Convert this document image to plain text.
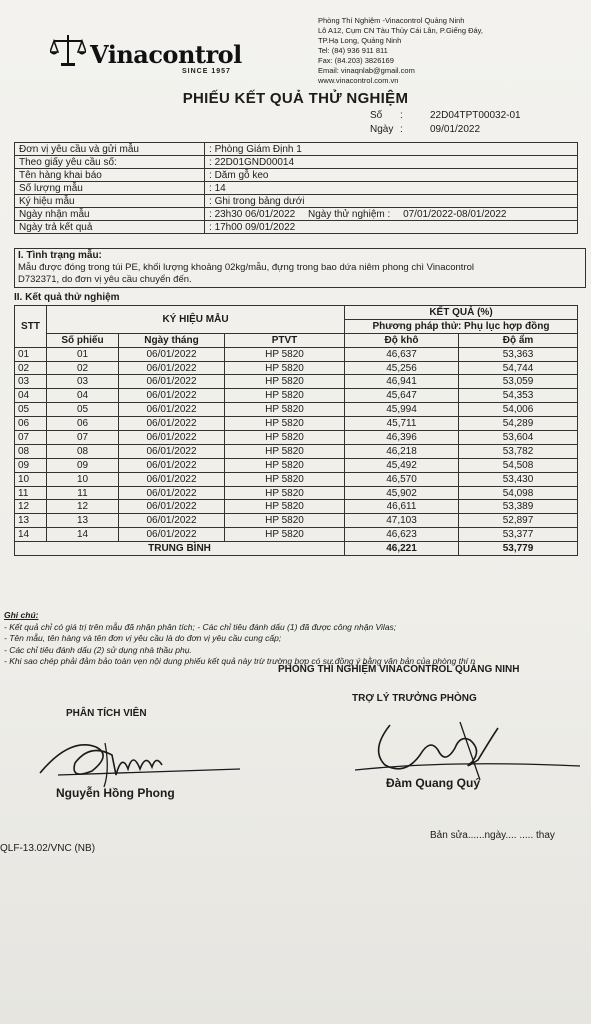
Vinacontrol
SINCE 1957
Phòng Thí Nghiệm -Vinacontrol Quảng Ninh
Lô A12, Cụm CN Tàu Thủy Cái Lân, P.Giếng Đáy,
TP.Hạ Long, Quảng Ninh
Tel: (84) 936 911 811
Fax: (84.203) 3826169
Email: vinaqnlab@gmail.com
www.vinacontrol.com.vn
PHIẾU KẾT QUẢ THỬ NGHIỆM
Số :	22D04TPT00032-01
Ngày :	09/01/2022
Đơn vị yêu cầu và gửi mẫu	: Phòng Giám Định 1
Theo giấy yêu cầu số:	: 22D01GND00014
Tên hàng khai báo	: Dăm gỗ keo
Số lượng mẫu	: 14
Ký hiệu mẫu	: Ghi trong bảng dưới
Ngày nhận mẫu	: 23h30 06/01/2022 Ngày thử nghiệm : 07/01/2022-08/01/2022
Ngày trả kết quả	: 17h00 09/01/2022
I. Tình trạng mẫu:
Mẫu được đóng trong túi PE, khối lượng khoảng 02kg/mẫu, đựng trong bao dứa niêm phong chì Vinacontrol
D732371, do đơn vị yêu cầu chuyển đến.
II. Kết quả thử nghiệm
STT	KÝ HIỆU MẪU			KẾT QUẢ (%)	
				Phương pháp thử: Phụ lục hợp đồng	
	Số phiếu	Ngày tháng	PTVT	Độ khô	Độ ẩm
01	01	06/01/2022	HP 5820	46,637	53,363
02	02	06/01/2022	HP 5820	45,256	54,744
03	03	06/01/2022	HP 5820	46,941	53,059
04	04	06/01/2022	HP 5820	45,647	54,353
05	05	06/01/2022	HP 5820	45,994	54,006
06	06	06/01/2022	HP 5820	45,711	54,289
07	07	06/01/2022	HP 5820	46,396	53,604
08	08	06/01/2022	HP 5820	46,218	53,782
09	09	06/01/2022	HP 5820	45,492	54,508
10	10	06/01/2022	HP 5820	46,570	53,430
11	11	06/01/2022	HP 5820	45,902	54,098
12	12	06/01/2022	HP 5820	46,611	53,389
13	13	06/01/2022	HP 5820	47,103	52,897
14	14	06/01/2022	HP 5820	46,623	53,377
TRUNG BÌNH				46,221	53,779
Ghi chú:
- Kết quả chỉ có giá trị trên mẫu đã nhận phân tích; - Các chỉ tiêu đánh dấu (1) đã được công nhận Vilas;
- Tên mẫu, tên hàng và tên đơn vị yêu cầu là do đơn vị yêu cầu cung cấp;
- Các chỉ tiêu đánh dấu (2) sử dụng nhà thầu phụ.
- Khi sao chép phải đảm bảo toàn vẹn nội dung phiếu kết quả này trừ trường hợp có sự đồng ý bằng văn bản của phòng thí n
PHÒNG THÍ NGHIỆM VINACONTROL QUẢNG NINH
PHÂN TÍCH VIÊN
TRỢ LÝ TRƯỞNG PHÒNG
Nguyễn Hồng Phong
Đàm Quang Quý
QLF-13.02/VNC (NB)
Bản sửa......ngày.... ..... thay
